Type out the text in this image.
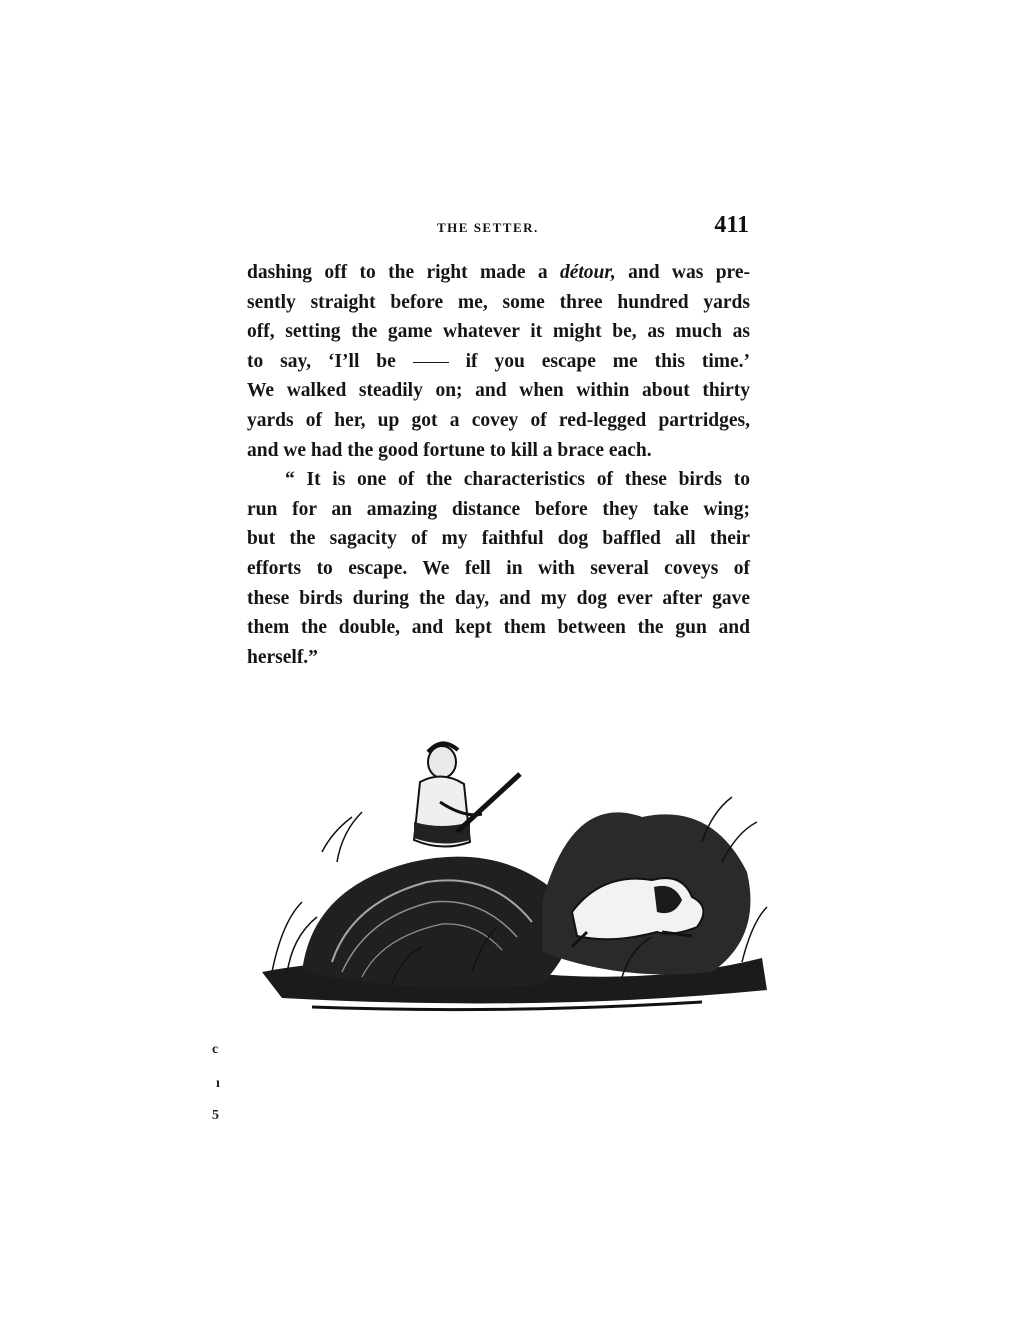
THE SETTER.	411
dashing off to the right made a détour, and was pre-
sently straight before me, some three hundred yards
off, setting the game whatever it might be, as much as
to say, ‘I’ll be	if you escape me this time.’
We walked steadily on; and when within about thirty
yards of her, up got a covey of red-legged partridges,
and we had the good fortune to kill a brace each.
“ It is one of the characteristics of these birds to
run for an amazing distance before they take wing;
but the sagacity of my faithful dog baffled all their
efforts to escape. We fell in with several coveys of
these birds during the day, and my dog ever after gave
them the double, and kept them between the gun and
herself.”
c
ı
5
